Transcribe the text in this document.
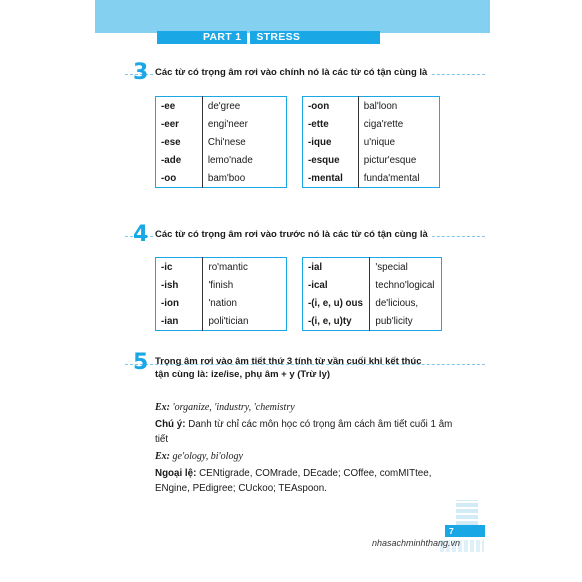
PART 1	STRESS
3 Các từ có trọng âm rơi vào chính nó là các từ có tận cùng là
-ee	de'gree
-eer	engi'neer
-ese	Chi'nese
-ade	lemo'nade
-oo	bam'boo
-oon	bal'loon
-ette	ciga'rette
-ique	u'nique
-esque	pictur'esque
-mental	funda'mental
4 Các từ có trọng âm rơi vào trước nó là các từ có tận cùng là
-ic	ro'mantic
-ish	'finish
-ion	'nation
-ian	poli'tician
-ial	'special
-ical	techno'logical
-(i, e, u) ous	de'licious,
-(i, e, u)ty	pub'licity
5 Trọng âm rơi vào âm tiết thứ 3 tính từ vần cuối khi kết thúc
tận cùng là: ize/ise, phụ âm + y (Trừ ly)
Ex: 'organize, 'industry, 'chemistry
Chú ý: Danh từ chỉ các môn học có trọng âm cách âm tiết cuối 1 âm tiết
Ex: ge'ology, bi'ology
Ngoại lệ: CENtigrade, COMrade, DEcade; COffee, comMITtee, ENgine, PEdigree; CUckoo; TEAspoon.
7
nhasachminhthang.vn
